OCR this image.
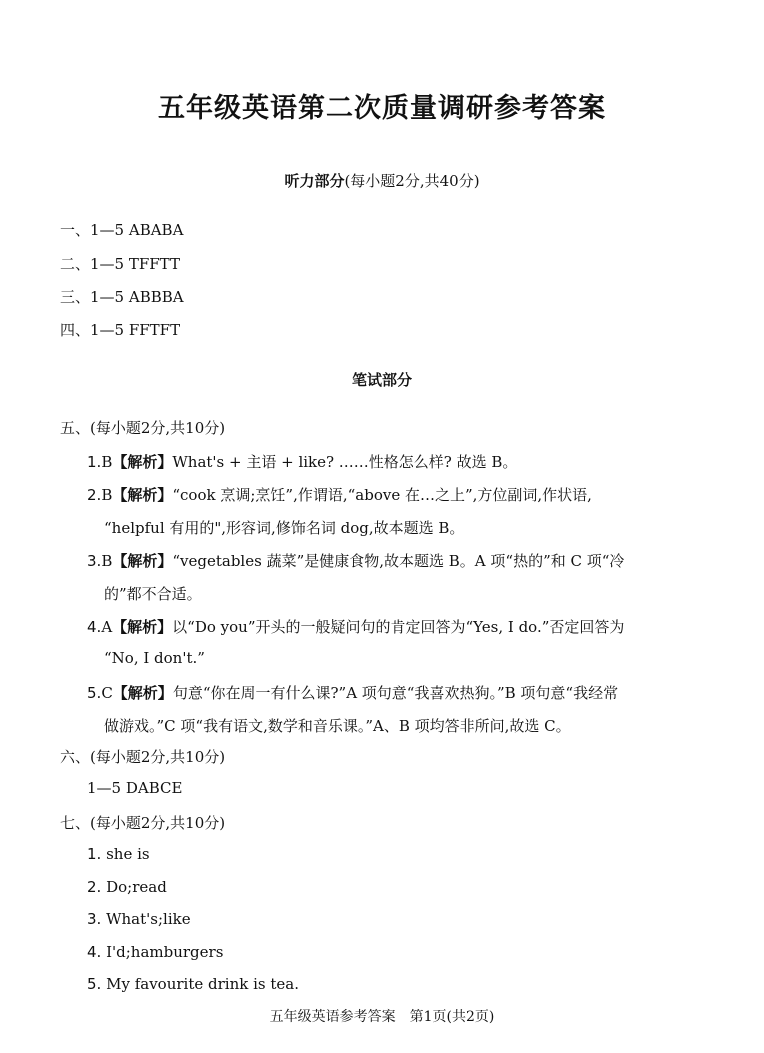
五年级英语第二次质量调研参考答案
听力部分(每小题2分,共40分)
一、1—5 ABABA
二、1—5 TFFTT
三、1—5 ABBBA
四、1—5 FFTFT
笔试部分
五、(每小题2分,共10分)
1.B【解析】What's + 主语 + like? ……性格怎么样? 故选 B。
2.B【解析】“cook 烹调;烹饪”,作谓语,“above 在…之上”,方位副词,作状语,
“helpful 有用的",形容词,修饰名词 dog,故本题选 B。
3.B【解析】“vegetables 蔬菜”是健康食物,故本题选 B。A 项“热的”和 C 项“冷
的”都不合适。
4.A【解析】以“Do you”开头的一般疑问句的肯定回答为“Yes, I do.”否定回答为
“No, I don't.”
5.C【解析】句意“你在周一有什么课?”A 项句意“我喜欢热狗。”B 项句意“我经常
做游戏。”C 项“我有语文,数学和音乐课。”A、B 项均答非所问,故选 C。
六、(每小题2分,共10分)
1—5 DABCE
七、(每小题2分,共10分)
1. she is
2. Do;read
3. What's;like
4. I'd;hamburgers
5. My favourite drink is tea.
五年级英语参考答案　第1页(共2页)
